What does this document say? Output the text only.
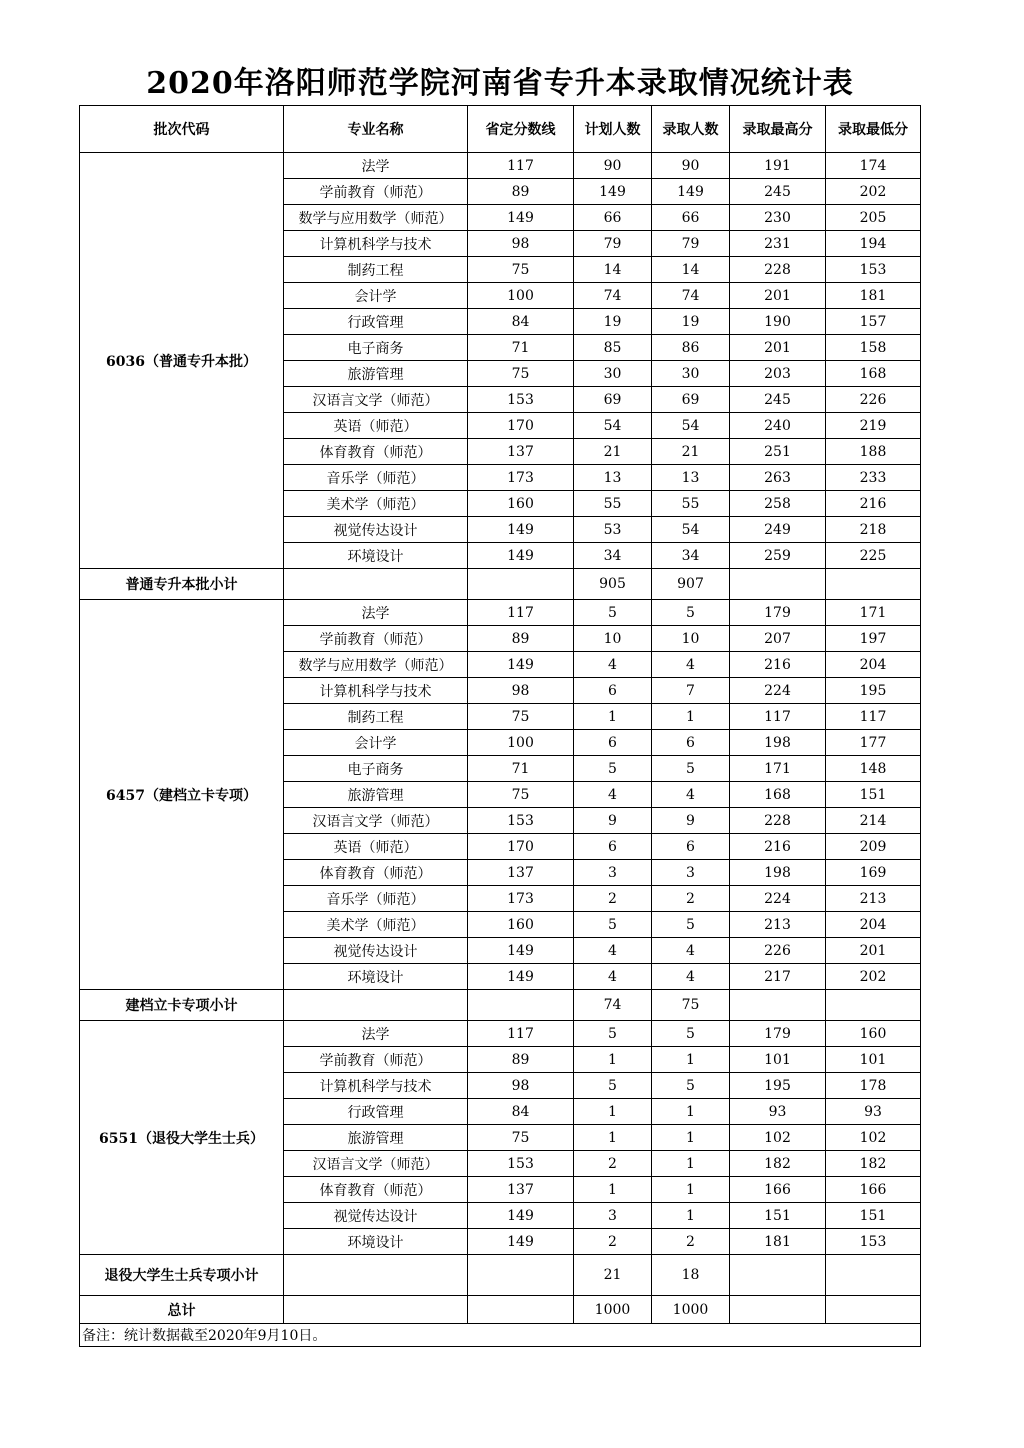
2020年洛阳师范学院河南省专升本录取情况统计表
批次代码	专业名称	省定分数线	计划人数	录取人数	录取最高分	录取最低分
6036（普通专升本批）	法学	117	90	90	191	174
	学前教育（师范）	89	149	149	245	202
	数学与应用数学（师范）	149	66	66	230	205
	计算机科学与技术	98	79	79	231	194
	制药工程	75	14	14	228	153
	会计学	100	74	74	201	181
	行政管理	84	19	19	190	157
	电子商务	71	85	86	201	158
	旅游管理	75	30	30	203	168
	汉语言文学（师范）	153	69	69	245	226
	英语（师范）	170	54	54	240	219
	体育教育（师范）	137	21	21	251	188
	音乐学（师范）	173	13	13	263	233
	美术学（师范）	160	55	55	258	216
	视觉传达设计	149	53	54	249	218
	环境设计	149	34	34	259	225
普通专升本批小计			905	907		
6457（建档立卡专项）	法学	117	5	5	179	171
	学前教育（师范）	89	10	10	207	197
	数学与应用数学（师范）	149	4	4	216	204
	计算机科学与技术	98	6	7	224	195
	制药工程	75	1	1	117	117
	会计学	100	6	6	198	177
	电子商务	71	5	5	171	148
	旅游管理	75	4	4	168	151
	汉语言文学（师范）	153	9	9	228	214
	英语（师范）	170	6	6	216	209
	体育教育（师范）	137	3	3	198	169
	音乐学（师范）	173	2	2	224	213
	美术学（师范）	160	5	5	213	204
	视觉传达设计	149	4	4	226	201
	环境设计	149	4	4	217	202
建档立卡专项小计			74	75		
6551（退役大学生士兵）	法学	117	5	5	179	160
	学前教育（师范）	89	1	1	101	101
	计算机科学与技术	98	5	5	195	178
	行政管理	84	1	1	93	93
	旅游管理	75	1	1	102	102
	汉语言文学（师范）	153	2	1	182	182
	体育教育（师范）	137	1	1	166	166
	视觉传达设计	149	3	1	151	151
	环境设计	149	2	2	181	153
退役大学生士兵专项小计			21	18		
总计			1000	1000		
备注：统计数据截至2020年9月10日。						
